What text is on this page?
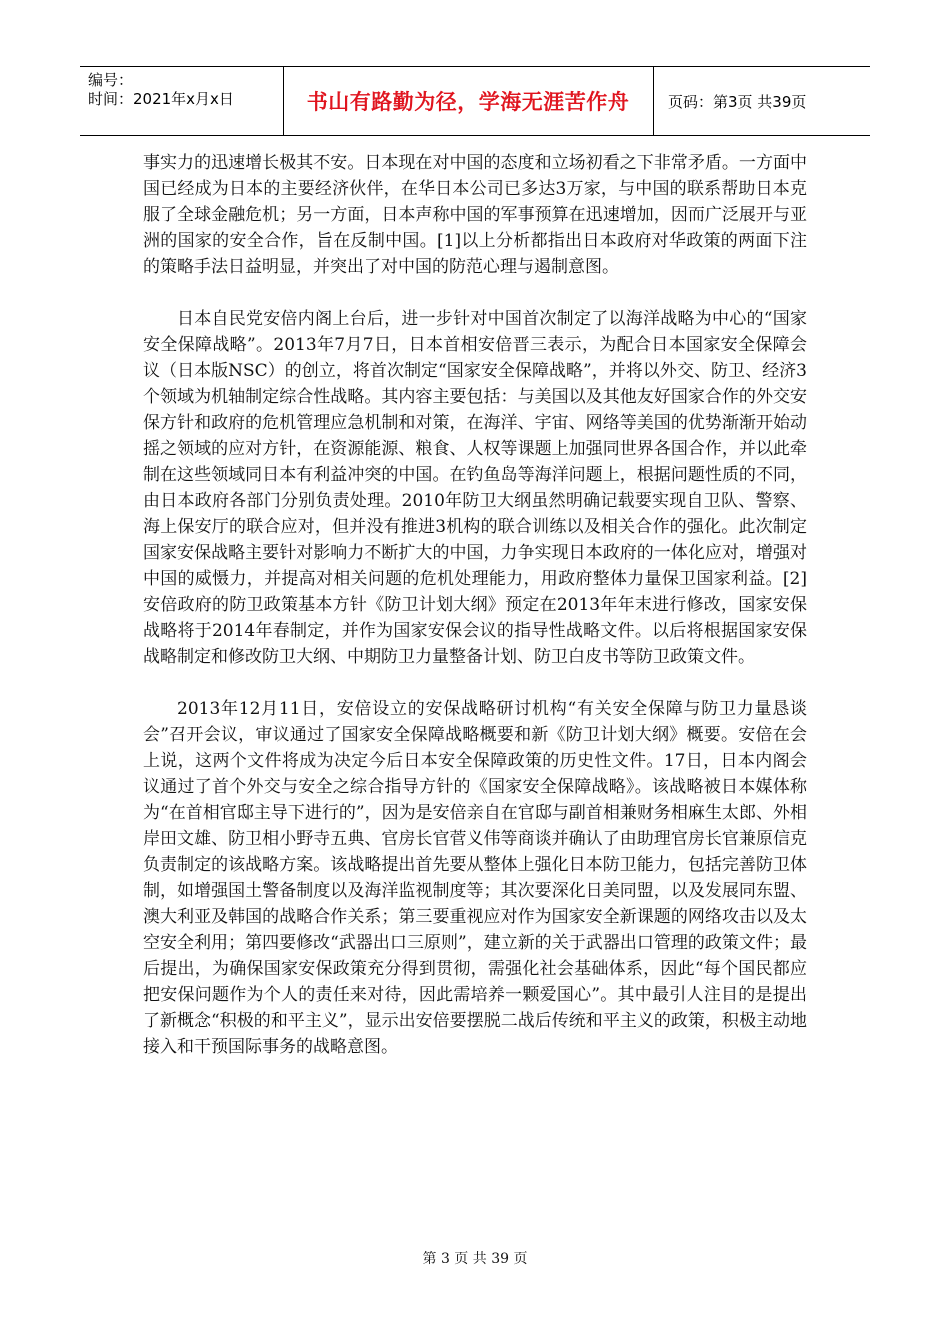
编号：
时间：2021年x月x日	书山有路勤为径，学海无涯苦作舟	页码：第3页 共39页

事实力的迅速增长极其不安。日本现在对中国的态度和立场初看之下非常矛盾。一方面中国已经成为日本的主要经济伙伴，在华日本公司已多达3万家，与中国的联系帮助日本克服了全球金融危机；另一方面，日本声称中国的军事预算在迅速增加，因而广泛展开与亚洲的国家的安全合作，旨在反制中国。[1]以上分析都指出日本政府对华政策的两面下注的策略手法日益明显，并突出了对中国的防范心理与遏制意图。

日本自民党安倍内阁上台后，进一步针对中国首次制定了以海洋战略为中心的“国家安全保障战略”。2013年7月7日，日本首相安倍晋三表示，为配合日本国家安全保障会议（日本版NSC）的创立，将首次制定“国家安全保障战略”，并将以外交、防卫、经济3个领域为机轴制定综合性战略。其内容主要包括：与美国以及其他友好国家合作的外交安保方针和政府的危机管理应急机制和对策，在海洋、宇宙、网络等美国的优势渐渐开始动摇之领域的应对方针，在资源能源、粮食、人权等课题上加强同世界各国合作，并以此牵制在这些领域同日本有利益冲突的中国。在钓鱼岛等海洋问题上，根据问题性质的不同，由日本政府各部门分别负责处理。2010年防卫大纲虽然明确记载要实现自卫队、警察、海上保安厅的联合应对，但并没有推进3机构的联合训练以及相关合作的强化。此次制定国家安保战略主要针对影响力不断扩大的中国，力争实现日本政府的一体化应对，增强对中国的威慑力，并提高对相关问题的危机处理能力，用政府整体力量保卫国家利益。[2]安倍政府的防卫政策基本方针《防卫计划大纲》预定在2013年年末进行修改，国家安保战略将于2014年春制定，并作为国家安保会议的指导性战略文件。以后将根据国家安保战略制定和修改防卫大纲、中期防卫力量整备计划、防卫白皮书等防卫政策文件。

2013年12月11日，安倍设立的安保战略研讨机构“有关安全保障与防卫力量恳谈会”召开会议，审议通过了国家安全保障战略概要和新《防卫计划大纲》概要。安倍在会上说，这两个文件将成为决定今后日本安全保障政策的历史性文件。17日，日本内阁会议通过了首个外交与安全之综合指导方针的《国家安全保障战略》。该战略被日本媒体称为“在首相官邸主导下进行的”，因为是安倍亲自在官邸与副首相兼财务相麻生太郎、外相岸田文雄、防卫相小野寺五典、官房长官菅义伟等商谈并确认了由助理官房长官兼原信克负责制定的该战略方案。该战略提出首先要从整体上强化日本防卫能力，包括完善防卫体制，如增强国土警备制度以及海洋监视制度等；其次要深化日美同盟，以及发展同东盟、澳大利亚及韩国的战略合作关系；第三要重视应对作为国家安全新课题的网络攻击以及太空安全利用；第四要修改“武器出口三原则”，建立新的关于武器出口管理的政策文件；最后提出，为确保国家安保政策充分得到贯彻，需强化社会基础体系，因此“每个国民都应把安保问题作为个人的责任来对待，因此需培养一颗爱国心”。其中最引人注目的是提出了新概念“积极的和平主义”，显示出安倍要摆脱二战后传统和平主义的政策，积极主动地接入和干预国际事务的战略意图。

第 3 页 共 39 页
